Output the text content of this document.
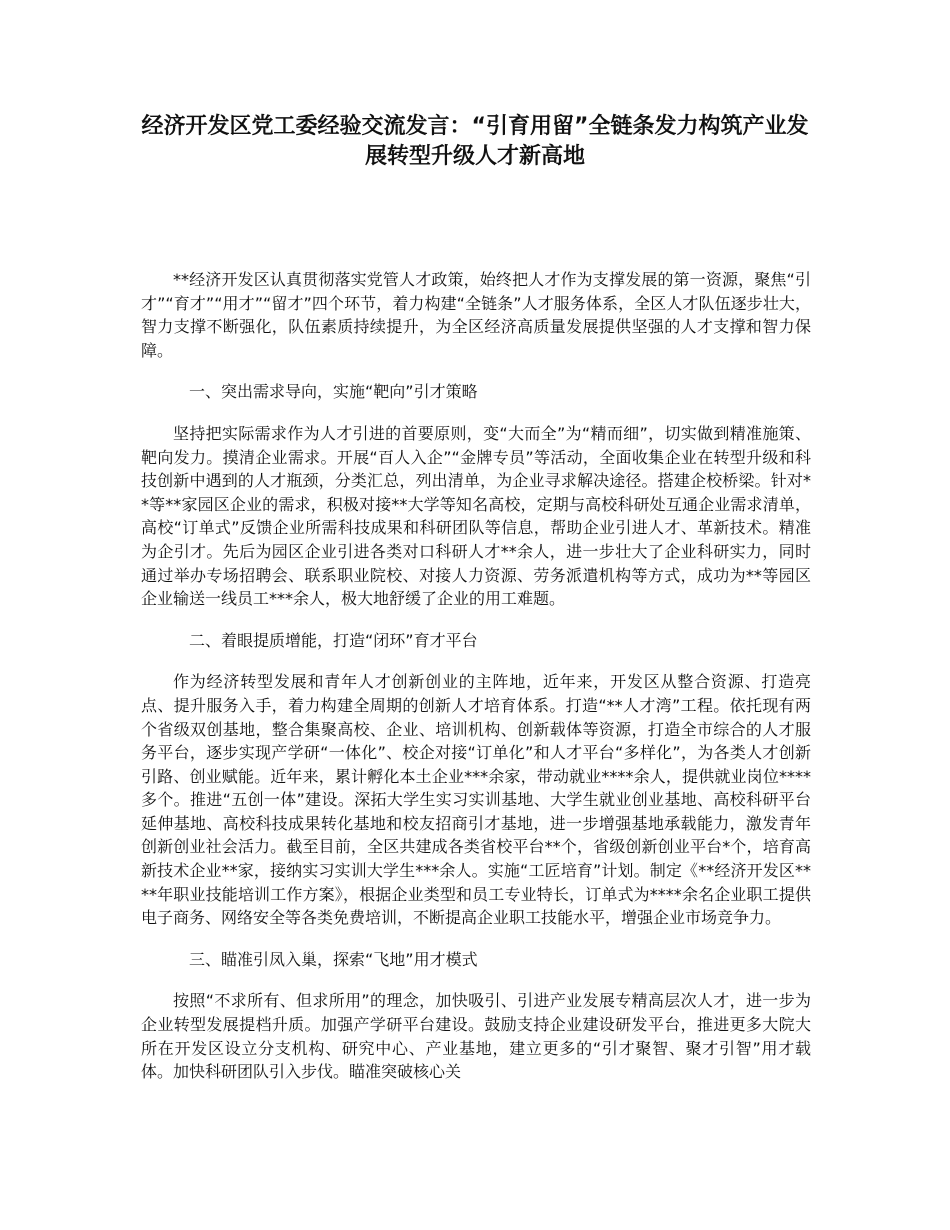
经济开发区党工委经验交流发言：“引育用留”全链条发力构筑产业发展转型升级人才新高地

**经济开发区认真贯彻落实党管人才政策，始终把人才作为支撑发展的第一资源，聚焦“引才”“育才”“用才”“留才”四个环节，着力构建“全链条”人才服务体系，全区人才队伍逐步壮大，智力支撑不断强化，队伍素质持续提升，为全区经济高质量发展提供坚强的人才支撑和智力保障。

一、突出需求导向，实施“靶向”引才策略

坚持把实际需求作为人才引进的首要原则，变“大而全”为“精而细”，切实做到精准施策、靶向发力。摸清企业需求。开展“百人入企”“金牌专员”等活动，全面收集企业在转型升级和科技创新中遇到的人才瓶颈，分类汇总，列出清单，为企业寻求解决途径。搭建企校桥梁。针对**等**家园区企业的需求，积极对接**大学等知名高校，定期与高校科研处互通企业需求清单，高校“订单式”反馈企业所需科技成果和科研团队等信息，帮助企业引进人才、革新技术。精准为企引才。先后为园区企业引进各类对口科研人才**余人，进一步壮大了企业科研实力，同时通过举办专场招聘会、联系职业院校、对接人力资源、劳务派遣机构等方式，成功为**等园区企业输送一线员工***余人，极大地舒缓了企业的用工难题。

二、着眼提质增能，打造“闭环”育才平台

作为经济转型发展和青年人才创新创业的主阵地，近年来，开发区从整合资源、打造亮点、提升服务入手，着力构建全周期的创新人才培育体系。打造“**人才湾”工程。依托现有两个省级双创基地，整合集聚高校、企业、培训机构、创新载体等资源，打造全市综合的人才服务平台，逐步实现产学研“一体化”、校企对接“订单化”和人才平台“多样化”，为各类人才创新引路、创业赋能。近年来，累计孵化本土企业***余家，带动就业****余人，提供就业岗位****多个。推进“五创一体”建设。深拓大学生实习实训基地、大学生就业创业基地、高校科研平台延伸基地、高校科技成果转化基地和校友招商引才基地，进一步增强基地承载能力，激发青年创新创业社会活力。截至目前，全区共建成各类省校平台**个，省级创新创业平台*个，培育高新技术企业**家，接纳实习实训大学生***余人。实施“工匠培育”计划。制定《**经济开发区****年职业技能培训工作方案》，根据企业类型和员工专业特长，订单式为****余名企业职工提供电子商务、网络安全等各类免费培训，不断提高企业职工技能水平，增强企业市场竞争力。

三、瞄准引凤入巢，探索“飞地”用才模式

按照“不求所有、但求所用”的理念，加快吸引、引进产业发展专精高层次人才，进一步为企业转型发展提档升质。加强产学研平台建设。鼓励支持企业建设研发平台，推进更多大院大所在开发区设立分支机构、研究中心、产业基地，建立更多的“引才聚智、聚才引智”用才载体。加快科研团队引入步伐。瞄准突破核心关
